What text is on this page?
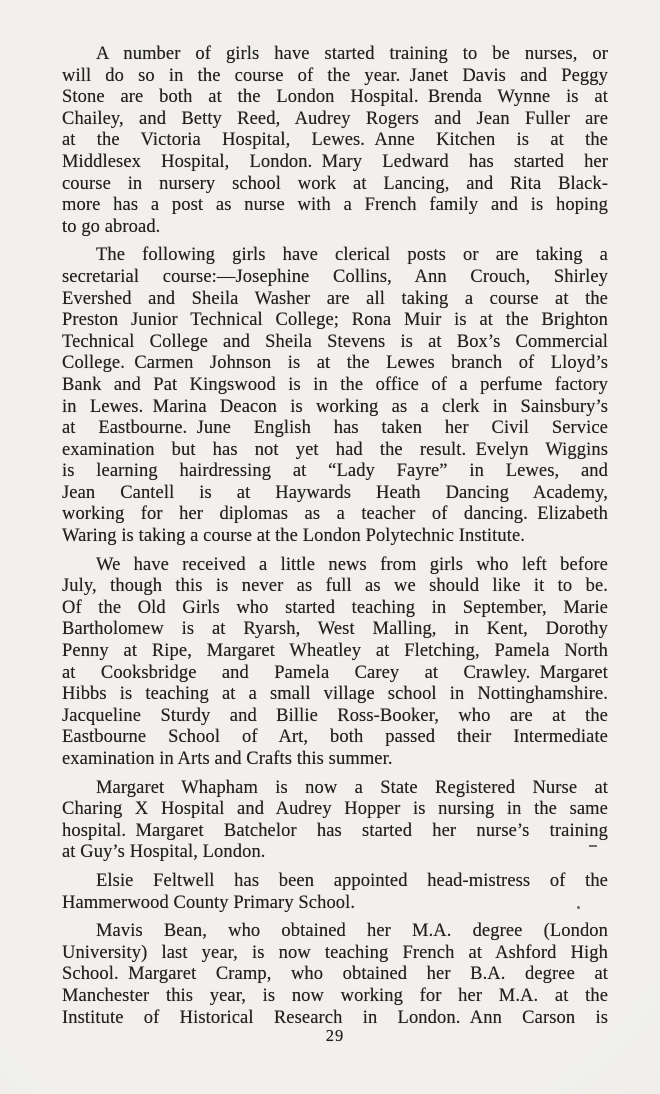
A number of girls have started training to be nurses, or
will do so in the course of the year. Janet Davis and Peggy
Stone are both at the London Hospital. Brenda Wynne is at
Chailey, and Betty Reed, Audrey Rogers and Jean Fuller are
at the Victoria Hospital, Lewes. Anne Kitchen is at the
Middlesex Hospital, London. Mary Ledward has started her
course in nursery school work at Lancing, and Rita Black-
more has a post as nurse with a French family and is hoping
to go abroad.
The following girls have clerical posts or are taking a
secretarial course:—Josephine Collins, Ann Crouch, Shirley
Evershed and Sheila Washer are all taking a course at the
Preston Junior Technical College; Rona Muir is at the Brighton
Technical College and Sheila Stevens is at Box’s Commercial
College. Carmen Johnson is at the Lewes branch of Lloyd’s
Bank and Pat Kingswood is in the office of a perfume factory
in Lewes. Marina Deacon is working as a clerk in Sainsbury’s
at Eastbourne. June English has taken her Civil Service
examination but has not yet had the result. Evelyn Wiggins
is learning hairdressing at “Lady Fayre” in Lewes, and
Jean Cantell is at Haywards Heath Dancing Academy,
working for her diplomas as a teacher of dancing. Elizabeth
Waring is taking a course at the London Polytechnic Institute.
We have received a little news from girls who left before
July, though this is never as full as we should like it to be.
Of the Old Girls who started teaching in September, Marie
Bartholomew is at Ryarsh, West Malling, in Kent, Dorothy
Penny at Ripe, Margaret Wheatley at Fletching, Pamela North
at Cooksbridge and Pamela Carey at Crawley. Margaret
Hibbs is teaching at a small village school in Nottinghamshire.
Jacqueline Sturdy and Billie Ross-Booker, who are at the
Eastbourne School of Art, both passed their Intermediate
examination in Arts and Crafts this summer.
Margaret Whapham is now a State Registered Nurse at
Charing X Hospital and Audrey Hopper is nursing in the same
hospital. Margaret Batchelor has started her nurse’s training
at Guy’s Hospital, London.
Elsie Feltwell has been appointed head-mistress of the
Hammerwood County Primary School.
Mavis Bean, who obtained her M.A. degree (London
University) last year, is now teaching French at Ashford High
School. Margaret Cramp, who obtained her B.A. degree at
Manchester this year, is now working for her M.A. at the
Institute of Historical Research in London. Ann Carson is
29
